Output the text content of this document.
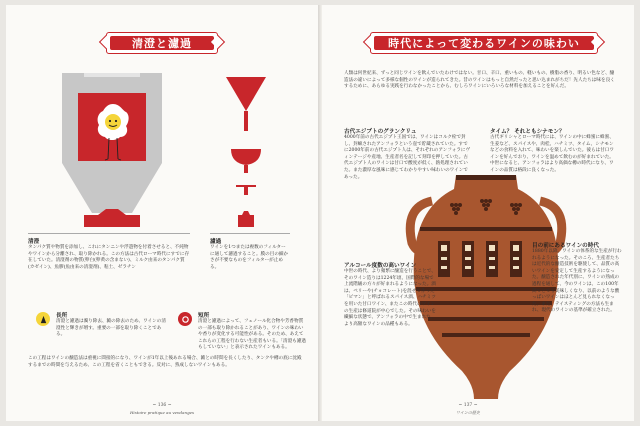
清澄と濾過
清澄
タンパク質や物質を添加し、これにタンニンや浮遊物を付着させると、不純物やワインから分離され、取り除かれる。この方法は古代ローマ時代にすでに存在していた。清澄剤の物質(卵白(卵黄の含まない)、ミルク由来のタンパク質(カゼイン)、魚膠(魚由来の清澄剤)、粘土、ゼラチン
濾過
ワインを1つまたは複数のフィルターに通して濾過すること。膜の目の細かさが不要なものをフィルターが止める。
長所
清澄と濾過は濁り除去、澱の除去のため、ワインの清澄性と輝きが増す。重要の一部を取り除くことである。
短所
清澄と濾過によって、フェノール化合物や芳香物質の一部も取り除かれることがあり、ワインの味わいや香りが変化する可能性がある。そのため、あえてこれらの工程を行わない生産者もいる。「清澄も濾過もしていない」と表示されたワインもある。
この工程はワインの醸造法は重視に間接的になり、ワインが1年以上後あれる場合、澱との時間を長くしたり、タンクや樽の底に沈殿するまでの時間を与えるため、この工程を省くこともできる。反対に、熟成しないワインもある。
~ 136 ~
Histoire pratique au vendanges
時代によって変わるワインの味わい
人類は何世紀来、ずっと同じワインを飲んでいたわけではない。甘口、辛口、重いもの、軽いもの、樹脂の香り、明るい色など、醸造法の違いによって多様な個性のワインが造られてきた。昔のワインはもっと自然だったと思い込まれがちだ！先人たちは味を良くするために、あらゆる実践を行わなかったことから、むしろワインにいろいろな材料を加えることを好んだ。
古代エジプトのグランクリュ
4000年前の古代エジプト王国では、ワインはコルク栓で封し、封蝋されたアンフォラという壺で貯蔵されていた。すでに2000年前の古代エジプト人は、それぞれのアンフォラにヴィンテージや産地、生産者名を記して刻印を押していた。古代エジプト人のワインは甘口で酸度が低く、熱処理されていた。また濃厚な風味に感じてわかりやすい味わいのワインであった。
タイム？ それともシナモン？
古代ギリシャとローマ時代には、ワインの中に蜂蜜に蜂蜜、生姜など、スパイスや、肉桂、ハチミツ、タイム、シナモンなどの食料を入れて、味わいを楽しんでいた。彼らは甘口ワインを好んでおり、ワインを温めて飲むのが好まれていた。中世になると、アンフォラはより高価な樽の時代になり、ワインの品質は格段に良くなった。
アルコール度数の高いワイン
中世の時代、より頻繁に醸造を行うことで、そのワイン造りは1224年頃、国際的な場で上流階級の方々が好まれるようになった。酒は、ペリーや(チョコレート)を混ぜて作った「ピマン」と呼ばれるスパイス酒、ハチミツを用いた甘口ワイン、またこの時代のワインの生産は修道院が中心でした。その味わいを繊細な状態で、アンフォラの中で生まれた。より高額なワインの品種もある。
目の前にあるワインの時代
1880年以降、ワインの体系的な生産が行われるようになった。そのころ、生産者たちは近代的な醸造技術を駆使して、品質の高いワインを安定して生産するようになった。醸造された年代別に、ワインの熟成の過程を通して、今のワインは、この100年間でとても美味しくなり、以前のような酸っぱいワインはほとんど見られなくなった。また、テイスティングの方法も生まれ、現代のワインの基準が確立された。
~ 137 ~
ワインの歴史
